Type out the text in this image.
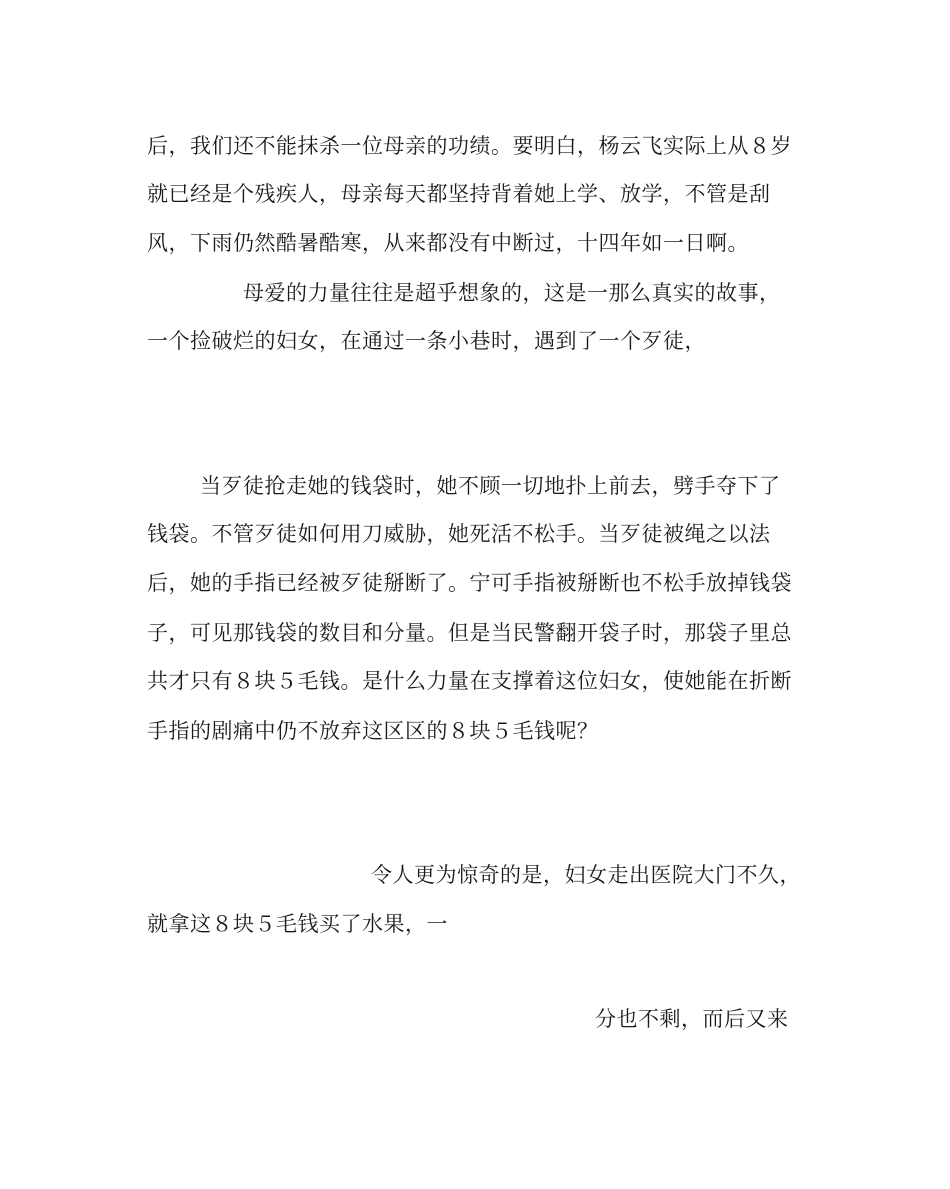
后，我们还不能抹杀一位母亲的功绩。要明白，杨云飞实际上从８岁
就已经是个残疾人，母亲每天都坚持背着她上学、放学，不管是刮
风，下雨仍然酷暑酷寒，从来都没有中断过，十四年如一日啊。
母爱的力量往往是超乎想象的，这是一那么真实的故事，
一个捡破烂的妇女，在通过一条小巷时，遇到了一个歹徒，
当歹徒抢走她的钱袋时，她不顾一切地扑上前去，劈手夺下了
钱袋。不管歹徒如何用刀威胁，她死活不松手。当歹徒被绳之以法
后，她的手指已经被歹徒掰断了。宁可手指被掰断也不松手放掉钱袋
子，可见那钱袋的数目和分量。但是当民警翻开袋子时，那袋子里总
共才只有８块５毛钱。是什么力量在支撑着这位妇女，使她能在折断
手指的剧痛中仍不放弃这区区的８块５毛钱呢？
令人更为惊奇的是，妇女走出医院大门不久，
就拿这８块５毛钱买了水果，一
分也不剩，而后又来
